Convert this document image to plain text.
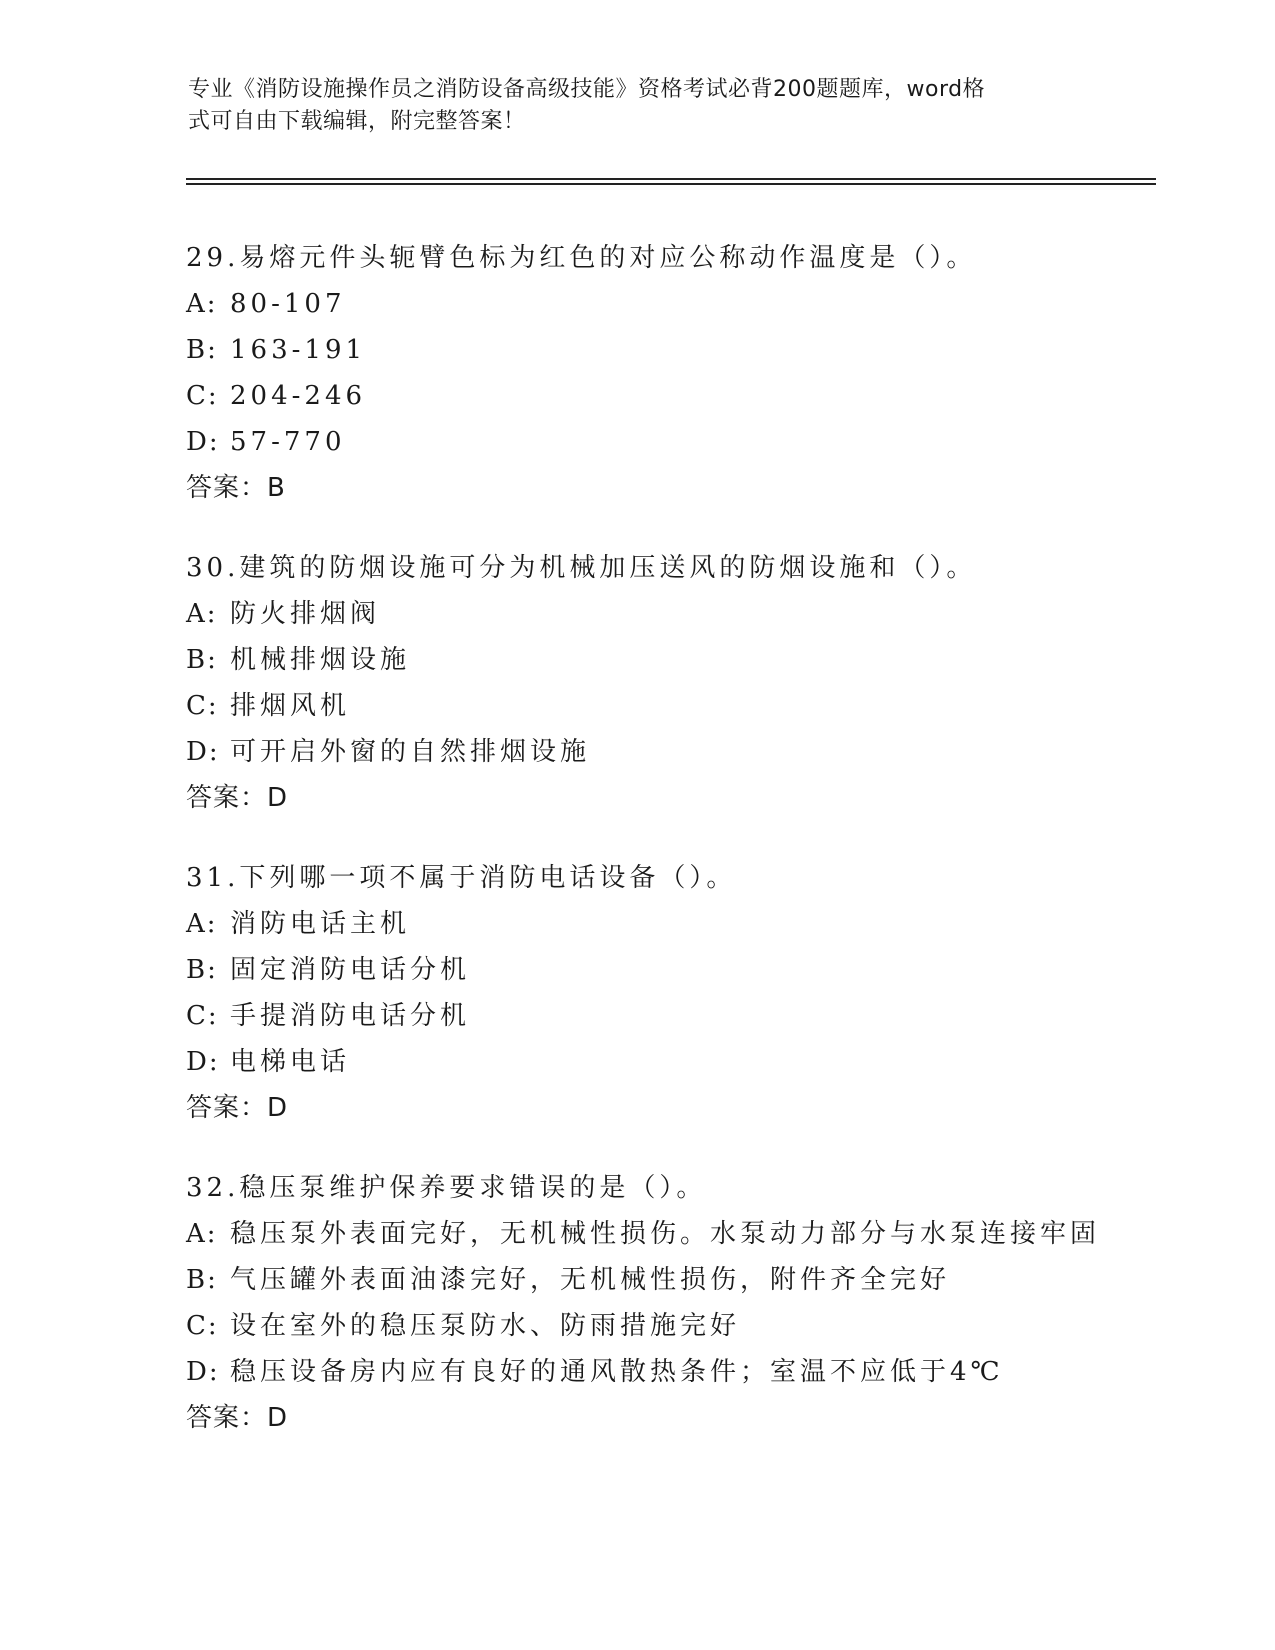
专业《消防设施操作员之消防设备高级技能》资格考试必背200题题库，word格
式可自由下载编辑，附完整答案！
29.易熔元件头轭臂色标为红色的对应公称动作温度是（）。
A: 80-107
B: 163-191
C: 204-246
D: 57-770
答案：B
30.建筑的防烟设施可分为机械加压送风的防烟设施和（）。
A: 防火排烟阀
B: 机械排烟设施
C: 排烟风机
D: 可开启外窗的自然排烟设施
答案：D
31.下列哪一项不属于消防电话设备（）。
A: 消防电话主机
B: 固定消防电话分机
C: 手提消防电话分机
D: 电梯电话
答案：D
32.稳压泵维护保养要求错误的是（）。
A: 稳压泵外表面完好，无机械性损伤。水泵动力部分与水泵连接牢固
B: 气压罐外表面油漆完好，无机械性损伤，附件齐全完好
C: 设在室外的稳压泵防水、防雨措施完好
D: 稳压设备房内应有良好的通风散热条件；室温不应低于4℃
答案：D
